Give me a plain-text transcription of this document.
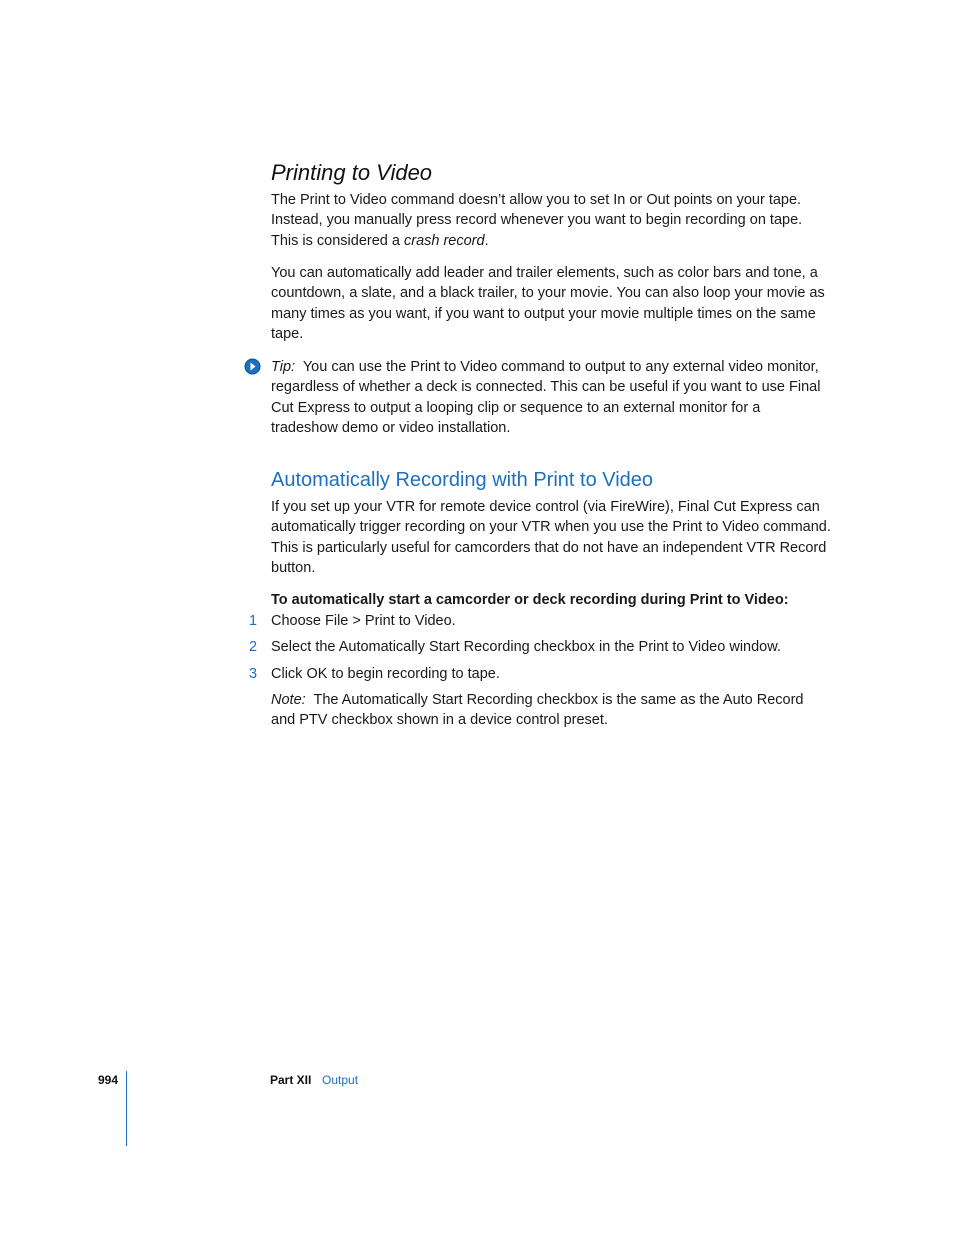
Printing to Video

The Print to Video command doesn’t allow you to set In or Out points on your tape. Instead, you manually press record whenever you want to begin recording on tape. This is considered a crash record.

You can automatically add leader and trailer elements, such as color bars and tone, a countdown, a slate, and a black trailer, to your movie. You can also loop your movie as many times as you want, if you want to output your movie multiple times on the same tape.

Tip: You can use the Print to Video command to output to any external video monitor, regardless of whether a deck is connected. This can be useful if you want to use Final Cut Express to output a looping clip or sequence to an external monitor for a tradeshow demo or video installation.

Automatically Recording with Print to Video

If you set up your VTR for remote device control (via FireWire), Final Cut Express can automatically trigger recording on your VTR when you use the Print to Video command. This is particularly useful for camcorders that do not have an independent VTR Record button.

To automatically start a camcorder or deck recording during Print to Video:

1 Choose File > Print to Video.

2 Select the Automatically Start Recording checkbox in the Print to Video window.

3 Click OK to begin recording to tape.

Note: The Automatically Start Recording checkbox is the same as the Auto Record and PTV checkbox shown in a device control preset.

994	Part XII Output
